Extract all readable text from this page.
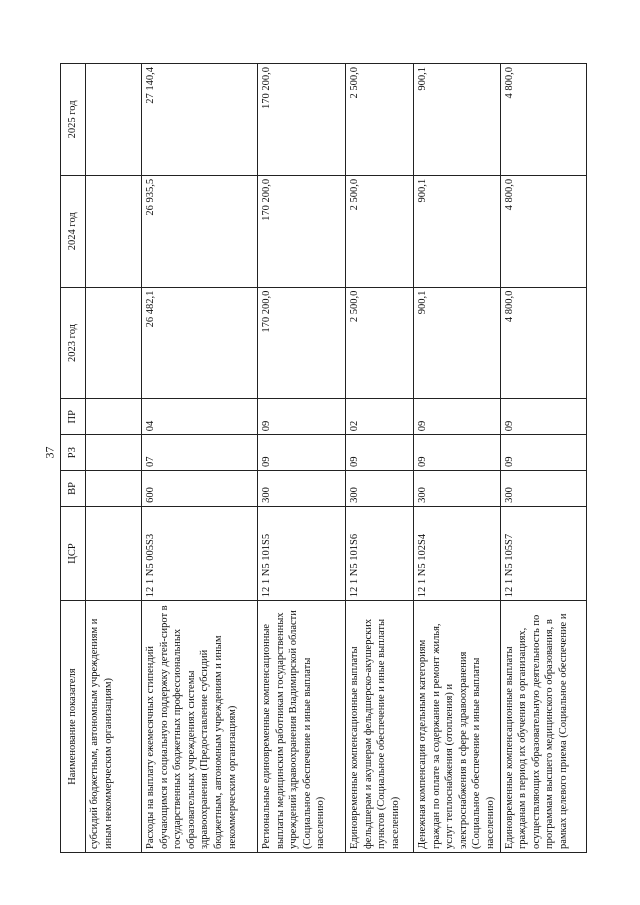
37
Наименование показателя	ЦСР	ВР	РЗ	ПР	2023 год	2024 год	2025 год
субсидий бюджетным, автономным учреждениям и иным некоммерческим организациям)							
Расходы на выплату ежемесячных стипендий обучающимся и социальную поддержку детей-сирот в государственных бюджетных профессиональных образовательных учреждениях системы здравоохранения (Предоставление субсидий бюджетным, автономным учреждениям и иным некоммерческим организациям)	12 1 N5 005S3	600	07	04	26 482,1	26 935,5	27 140,4
Региональные единовременные компенсационные выплаты медицинским работникам государственных учреждений здравоохранения Владимирской области (Социальное обеспечение и иные выплаты населению)	12 1 N5 101S5	300	09	09	170 200,0	170 200,0	170 200,0
Единовременные компенсационные выплаты фельдшерам и акушерам фельдшерско-акушерских пунктов (Социальное обеспечение и иные выплаты населению)	12 1 N5 101S6	300	09	02	2 500,0	2 500,0	2 500,0
Денежная компенсация отдельным категориям граждан по оплате за содержание и ремонт жилья, услуг теплоснабжения (отопления) и электроснабжения в сфере здравоохранения (Социальное обеспечение и иные выплаты населению)	12 1 N5 102S4	300	09	09	900,1	900,1	900,1
Единовременные компенсационные выплаты гражданам в период их обучения в организациях, осуществляющих образовательную деятельность по программам высшего медицинского образования, в рамках целевого приема (Социальное обеспечение и	12 1 N5 105S7	300	09	09	4 800,0	4 800,0	4 800,0
